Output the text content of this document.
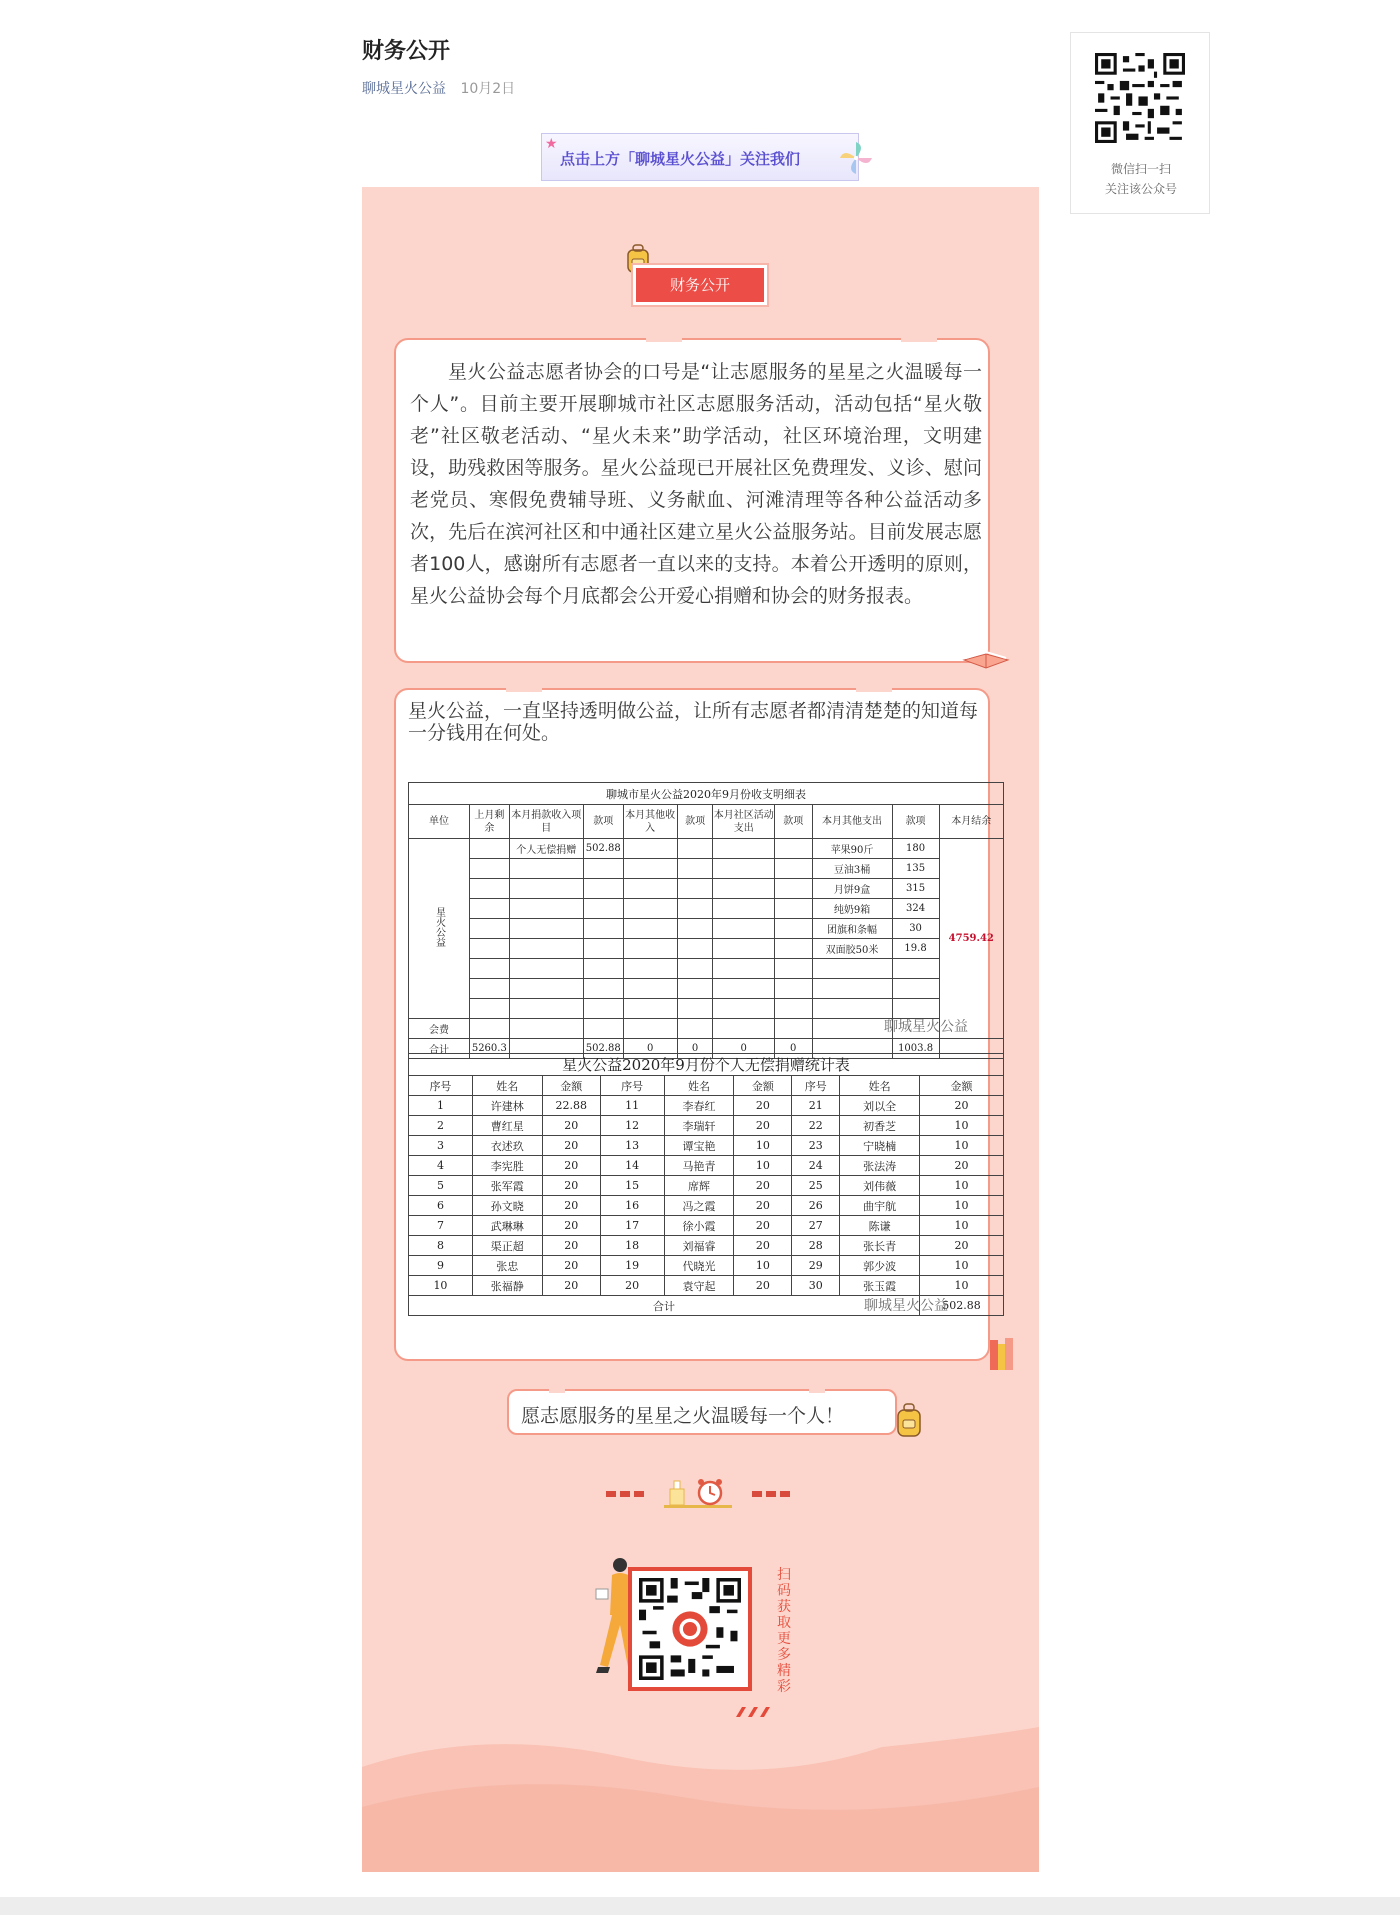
财务公开
聊城星火公益 10月2日
微信扫一扫
关注该公众号
★
点击上方「聊城星火公益」关注我们
财务公开

星火公益志愿者协会的口号是“让志愿服务的星星之火温暖每一个人”。目前主要开展聊城市社区志愿服务活动，活动包括“星火敬老”社区敬老活动、“星火未来”助学活动，社区环境治理，文明建设，助残救困等服务。星火公益现已开展社区免费理发、义诊、慰问老党员、寒假免费辅导班、义务献血、河滩清理等各种公益活动多次，先后在滨河社区和中通社区建立星火公益服务站。目前发展志愿者100人，感谢所有志愿者一直以来的支持。本着公开透明的原则，星火公益协会每个月底都会公开爱心捐赠和协会的财务报表。

星火公益，一直坚持透明做公益，让所有志愿者都清清楚楚的知道每一分钱用在何处。

聊城市星火公益2020年9月份收支明细表										
单位	上月剩余	本月捐款收入项目	款项	本月其他收入	款项	本月社区活动支出	款项	本月其他支出	款项	本月结余
星火公益		个人无偿捐赠	502.88					苹果90斤	180	4759.42
								豆油3桶	135	
								月饼9盒	315	
								纯奶9箱	324	
								团旗和条幅	30	
								双面胶50米	19.8	

会费										
合计	5260.3		502.88	0	0	0	0		1003.8	
聊城星火公益
星火公益2020年9月份个人无偿捐赠统计表								
序号	姓名	金额	序号	姓名	金额	序号	姓名	金额
1	许建林	22.88	11	李春红	20	21	刘以全	20
2	曹红星	20	12	李瑞轩	20	22	初香芝	10
3	衣述玖	20	13	谭宝艳	10	23	宁晓楠	10
4	李宪胜	20	14	马艳青	10	24	张法涛	20
5	张军霞	20	15	席辉	20	25	刘伟薇	10
6	孙文晓	20	16	冯之霞	20	26	曲宇航	10
7	武琳琳	20	17	徐小霞	20	27	陈谦	10
8	渠正超	20	18	刘福睿	20	28	张长青	20
9	张忠	20	19	代晓光	10	29	郭少波	10
10	张福静	20	20	袁守起	20	30	张玉霞	10
合计								502.88
聊城星火公益

愿志愿服务的星星之火温暖每一个人！

扫码获取更多精彩
